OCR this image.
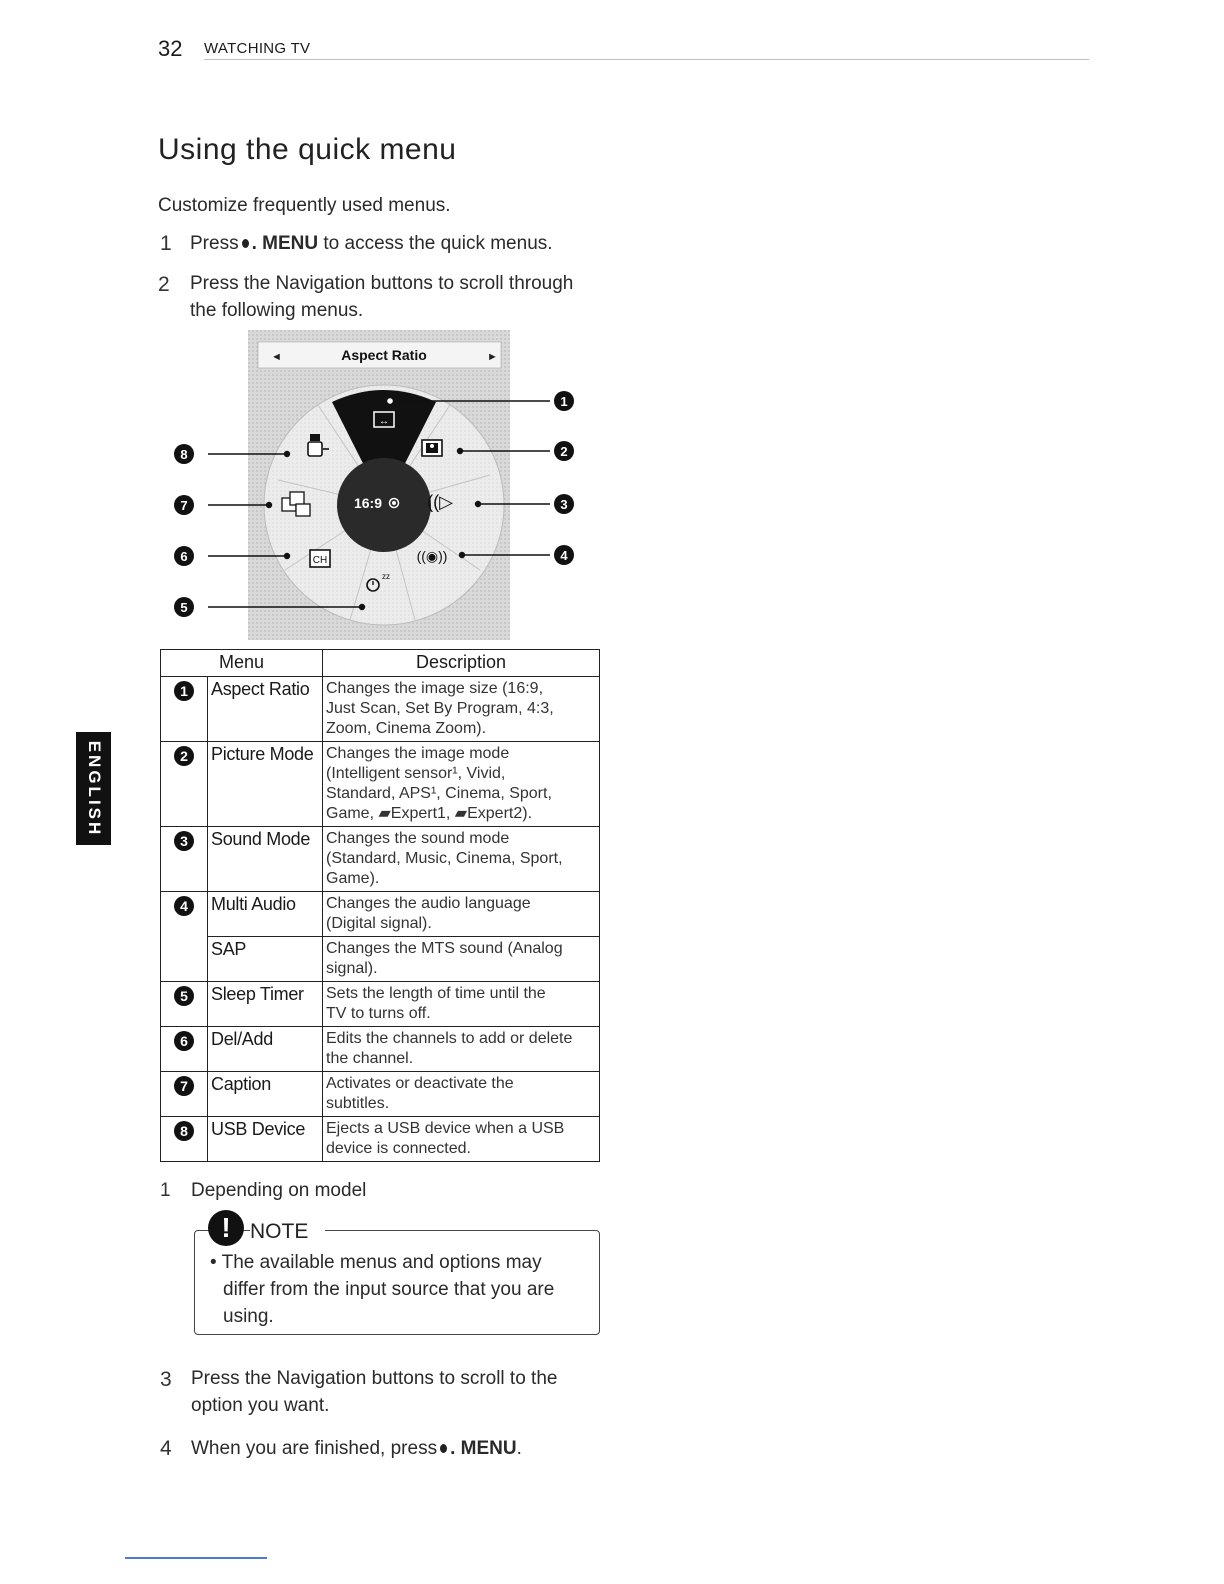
32 WATCHING TV
ENGLISH
Using the quick menu
Customize frequently used menus.
1 Press . MENU to access the quick menus.
2 Press the Navigation buttons to scroll through
the following menus.
◄	►
Aspect Ratio
16:9
↔
((▷
((◉))
zz
CH
1
2
3
4
8
7
6
5
Menu		Description
1	Aspect Ratio	Changes the image size (16:9,
Just Scan, Set By Program, 4:3,
Zoom, Cinema Zoom).

2	Picture Mode	Changes the image mode
(Intelligent sensor¹, Vivid,
Standard, APS¹, Cinema, Sport,
Game, ▰Expert1, ▰Expert2).

3	Sound Mode	Changes the sound mode
(Standard, Music, Cinema, Sport,
Game).

4	Multi Audio	Changes the audio language
(Digital signal).

	SAP	Changes the MTS sound (Analog
signal).

5	Sleep Timer	Sets the length of time until the
TV to turns off.

6	Del/Add	Edits the channels to add or delete
the channel.

7	Caption	Activates or deactivate the
subtitles.

8	USB Device	Ejects a USB device when a USB
device is connected.
1 Depending on model
! NOTE
• The available menus and options may
differ from the input source that you are
using.
3 Press the Navigation buttons to scroll to the
option you want.
4 When you are finished, press . MENU.
